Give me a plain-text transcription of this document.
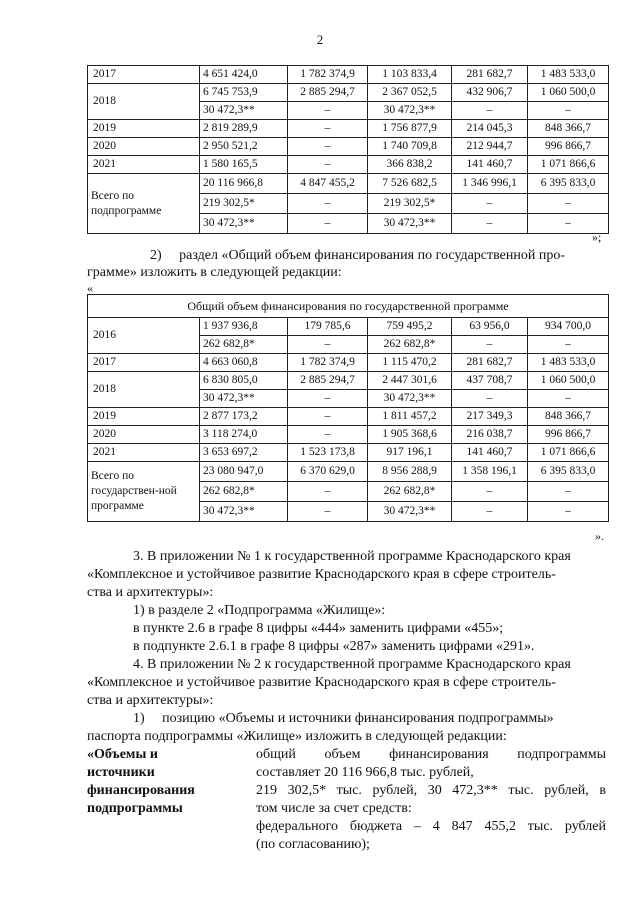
2
2017	4 651 424,0	1 782 374,9	1 103 833,4	281 682,7	1 483 533,0
2018	6 745 753,9	2 885 294,7	2 367 052,5	432 906,7	1 060 500,0
	30 472,3**	–	30 472,3**	–	–
2019	2 819 289,9	–	1 756 877,9	214 045,3	848 366,7
2020	2 950 521,2	–	1 740 709,8	212 944,7	996 866,7
2021	1 580 165,5	–	366 838,2	141 460,7	1 071 866,6
Всего по подпрограмме	20 116 966,8	4 847 455,2	7 526 682,5	1 346 996,1	6 395 833,0
	219 302,5*	–	219 302,5*	–	–
	30 472,3**	–	30 472,3**	–	–
»;
2)     раздел «Общий объем финансирования по государственной про-
грамме» изложить в следующей редакции:
«
Общий объем финансирования по государственной программе					
2016	1 937 936,8	179 785,6	759 495,2	63 956,0	934 700,0
	262 682,8*	–	262 682,8*	–	–
2017	4 663 060,8	1 782 374,9	1 115 470,2	281 682,7	1 483 533,0
2018	6 830 805,0	2 885 294,7	2 447 301,6	437 708,7	1 060 500,0
	30 472,3**	–	30 472,3**	–	–
2019	2 877 173,2	–	1 811 457,2	217 349,3	848 366,7
2020	3 118 274,0	–	1 905 368,6	216 038,7	996 866,7
2021	3 653 697,2	1 523 173,8	917 196,1	141 460,7	1 071 866,6
Всего по государствен-ной программе	23 080 947,0	6 370 629,0	8 956 288,9	1 358 196,1	6 395 833,0
	262 682,8*	–	262 682,8*	–	–
	30 472,3**	–	30 472,3**	–	–
».
3. В приложении № 1 к государственной программе Краснодарского края
«Комплексное и устойчивое развитие Краснодарского края в сфере строитель-
ства и архитектуры»:
1) в разделе 2 «Подпрограмма «Жилище»:
в пункте 2.6 в графе 8 цифры «444» заменить цифрами «455»;
в подпункте 2.6.1 в графе 8 цифры «287» заменить цифрами «291».
4. В приложении № 2 к государственной программе Краснодарского края
«Комплексное и устойчивое развитие Краснодарского края в сфере строитель-
ства и архитектуры»:
1)     позицию «Объемы и источники финансирования подпрограммы»
паспорта подпрограммы «Жилище» изложить в следующей редакции:
«Объемы и
источники
финансирования
подпрограммы
общий объем финансирования подпрограммы
составляет 20 116 966,8 тыс. рублей,
219 302,5* тыс. рублей, 30 472,3** тыс. рублей, в
том числе за счет средств:
федерального бюджета – 4 847 455,2 тыс. рублей
(по согласованию);
